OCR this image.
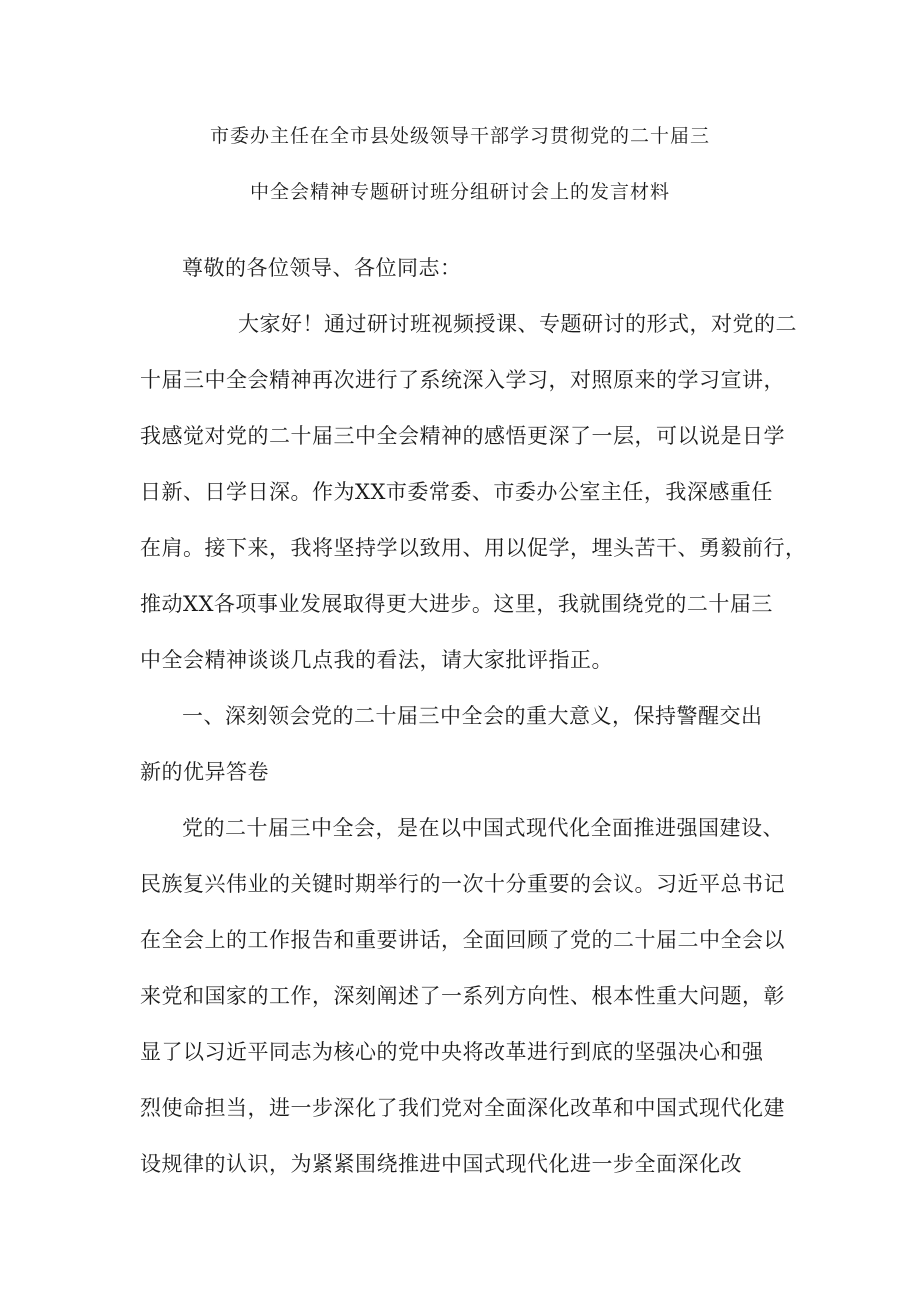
市委办主任在全市县处级领导干部学习贯彻党的二十届三
中全会精神专题研讨班分组研讨会上的发言材料

尊敬的各位领导、各位同志：

大家好！通过研讨班视频授课、专题研讨的形式，对党的二

十届三中全会精神再次进行了系统深入学习，对照原来的学习宣讲，

我感觉对党的二十届三中全会精神的感悟更深了一层，可以说是日学

日新、日学日深。作为XX市委常委、市委办公室主任，我深感重任

在肩。接下来，我将坚持学以致用、用以促学，埋头苦干、勇毅前行，

推动XX各项事业发展取得更大进步。这里，我就围绕党的二十届三

中全会精神谈谈几点我的看法，请大家批评指正。

一、深刻领会党的二十届三中全会的重大意义，保持警醒交出

新的优异答卷

党的二十届三中全会，是在以中国式现代化全面推进强国建设、

民族复兴伟业的关键时期举行的一次十分重要的会议。习近平总书记

在全会上的工作报告和重要讲话，全面回顾了党的二十届二中全会以

来党和国家的工作，深刻阐述了一系列方向性、根本性重大问题，彰

显了以习近平同志为核心的党中央将改革进行到底的坚强决心和强

烈使命担当，进一步深化了我们党对全面深化改革和中国式现代化建

设规律的认识，为紧紧围绕推进中国式现代化进一步全面深化改
